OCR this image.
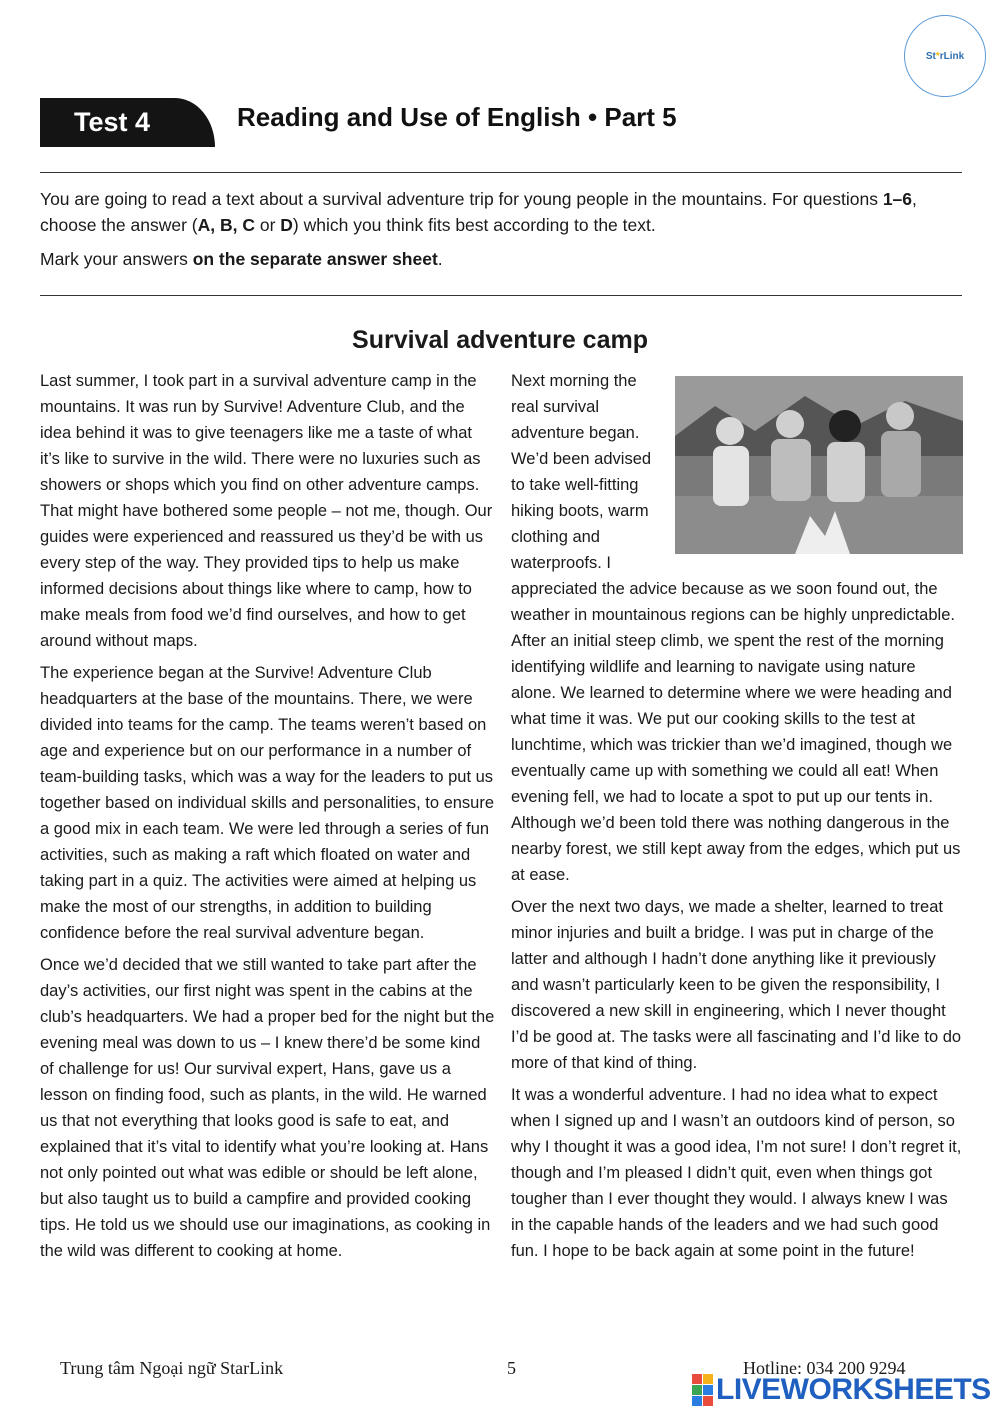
St * rLink
Test 4	Reading and Use of English • Part 5

You are going to read a text about a survival adventure trip for young people in the mountains. For questions 1–6, choose the answer (A, B, C or D) which you think fits best according to the text.

Mark your answers on the separate answer sheet.

Survival adventure camp

Last summer, I took part in a survival adventure camp in the mountains. It was run by Survive! Adventure Club, and the idea behind it was to give teenagers like me a taste of what it’s like to survive in the wild. There were no luxuries such as showers or shops which you find on other adventure camps. That might have bothered some people – not me, though. Our guides were experienced and reassured us they’d be with us every step of the way. They provided tips to help us make informed decisions about things like where to camp, how to make meals from food we’d find ourselves, and how to get around without maps.

The experience began at the Survive! Adventure Club headquarters at the base of the mountains. There, we were divided into teams for the camp. The teams weren’t based on age and experience but on our performance in a number of team-building tasks, which was a way for the leaders to put us together based on individual skills and personalities, to ensure a good mix in each team. We were led through a series of fun activities, such as making a raft which floated on water and taking part in a quiz. The activities were aimed at helping us make the most of our strengths, in addition to building confidence before the real survival adventure began.

Once we’d decided that we still wanted to take part after the day’s activities, our first night was spent in the cabins at the club’s headquarters. We had a proper bed for the night but the evening meal was down to us – I knew there’d be some kind of challenge for us! Our survival expert, Hans, gave us a lesson on finding food, such as plants, in the wild. He warned us that not everything that looks good is safe to eat, and explained that it’s vital to identify what you’re looking at. Hans not only pointed out what was edible or should be left alone, but also taught us to build a campfire and provided cooking tips. He told us we should use our imaginations, as cooking in the wild was different to cooking at home.

Next morning the real survival adventure began. We’d been advised to take well-fitting hiking boots, warm clothing and waterproofs. I appreciated the advice because as we soon found out, the weather in mountainous regions can be highly unpredictable. After an initial steep climb, we spent the rest of the morning identifying wildlife and learning to navigate using nature alone. We learned to determine where we were heading and what time it was. We put our cooking skills to the test at lunchtime, which was trickier than we’d imagined, though we eventually came up with something we could all eat! When evening fell, we had to locate a spot to put up our tents in. Although we’d been told there was nothing dangerous in the nearby forest, we still kept away from the edges, which put us at ease.

Over the next two days, we made a shelter, learned to treat minor injuries and built a bridge. I was put in charge of the latter and although I hadn’t done anything like it previously and wasn’t particularly keen to be given the responsibility, I discovered a new skill in engineering, which I never thought I’d be good at. The tasks were all fascinating and I’d like to do more of that kind of thing.

It was a wonderful adventure. I had no idea what to expect when I signed up and I wasn’t an outdoors kind of person, so why I thought it was a good idea, I’m not sure! I don’t regret it, though and I’m pleased I didn’t quit, even when things got tougher than I ever thought they would. I always knew I was in the capable hands of the leaders and we had such good fun. I hope to be back again at some point in the future!

Trung tâm Ngoại ngữ StarLink	5	Hotline: 034 200 9294
LIVEWORKSHEETS
